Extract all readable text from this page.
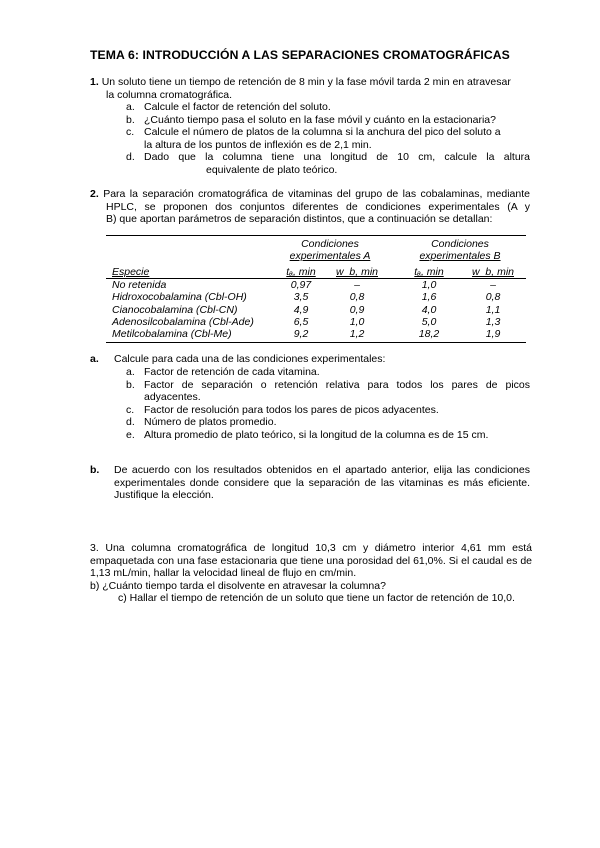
TEMA 6: INTRODUCCIÓN A LAS SEPARACIONES CROMATOGRÁFICAS
1. Un soluto tiene un tiempo de retención de 8 min y la fase móvil tarda 2 min en atravesar
la columna cromatográfica.
a. Calcule el factor de retención del soluto.
b. ¿Cuánto tiempo pasa el soluto en la fase móvil y cuánto en la estacionaria?
c. Calcule el número de platos de la columna si la anchura del pico del soluto a
la altura de los puntos de inflexión es de 2,1 min.
d. Dado que la columna tiene una longitud de 10 cm, calcule la altura
equivalente de plato teórico.
2. Para la separación cromatográfica de vitaminas del grupo de las cobalaminas, mediante
HPLC, se proponen dos conjuntos diferentes de condiciones experimentales (A y
B) que aportan parámetros de separación distintos, que a continuación se detallan:
Condiciones
experimentales A
Condiciones
experimentales B
Especie	tₐ, min	w_b, min	tₐ, min	w_b, min
No retenida	0,97	–	1,0	–
Hidroxocobalamina (Cbl-OH)	3,5	0,8	1,6	0,8
Cianocobalamina (Cbl-CN)	4,9	0,9	4,0	1,1
Adenosilcobalamina (Cbl-Ade)	6,5	1,0	5,0	1,3
Metilcobalamina (Cbl-Me)	9,2	1,2	18,2	1,9
a.	Calcule para cada una de las condiciones experimentales:
a. Factor de retención de cada vitamina.
b. Factor de separación o retención relativa para todos los pares de picos
adyacentes.
c. Factor de resolución para todos los pares de picos adyacentes.
d. Número de platos promedio.
e. Altura promedio de plato teórico, si la longitud de la columna es de 15 cm.
b.	De acuerdo con los resultados obtenidos en el apartado anterior, elija las condiciones
experimentales donde considere que la separación de las vitaminas es más eficiente.
Justifique la elección.
3. Una columna cromatográfica de longitud 10,3 cm y diámetro interior 4,61 mm está
empaquetada con una fase estacionaria que tiene una porosidad del 61,0%. Si el caudal es de
1,13 mL/min, hallar la velocidad lineal de flujo en cm/min.
b) ¿Cuánto tiempo tarda el disolvente en atravesar la columna?
c) Hallar el tiempo de retención de un soluto que tiene un factor de retención de 10,0.
